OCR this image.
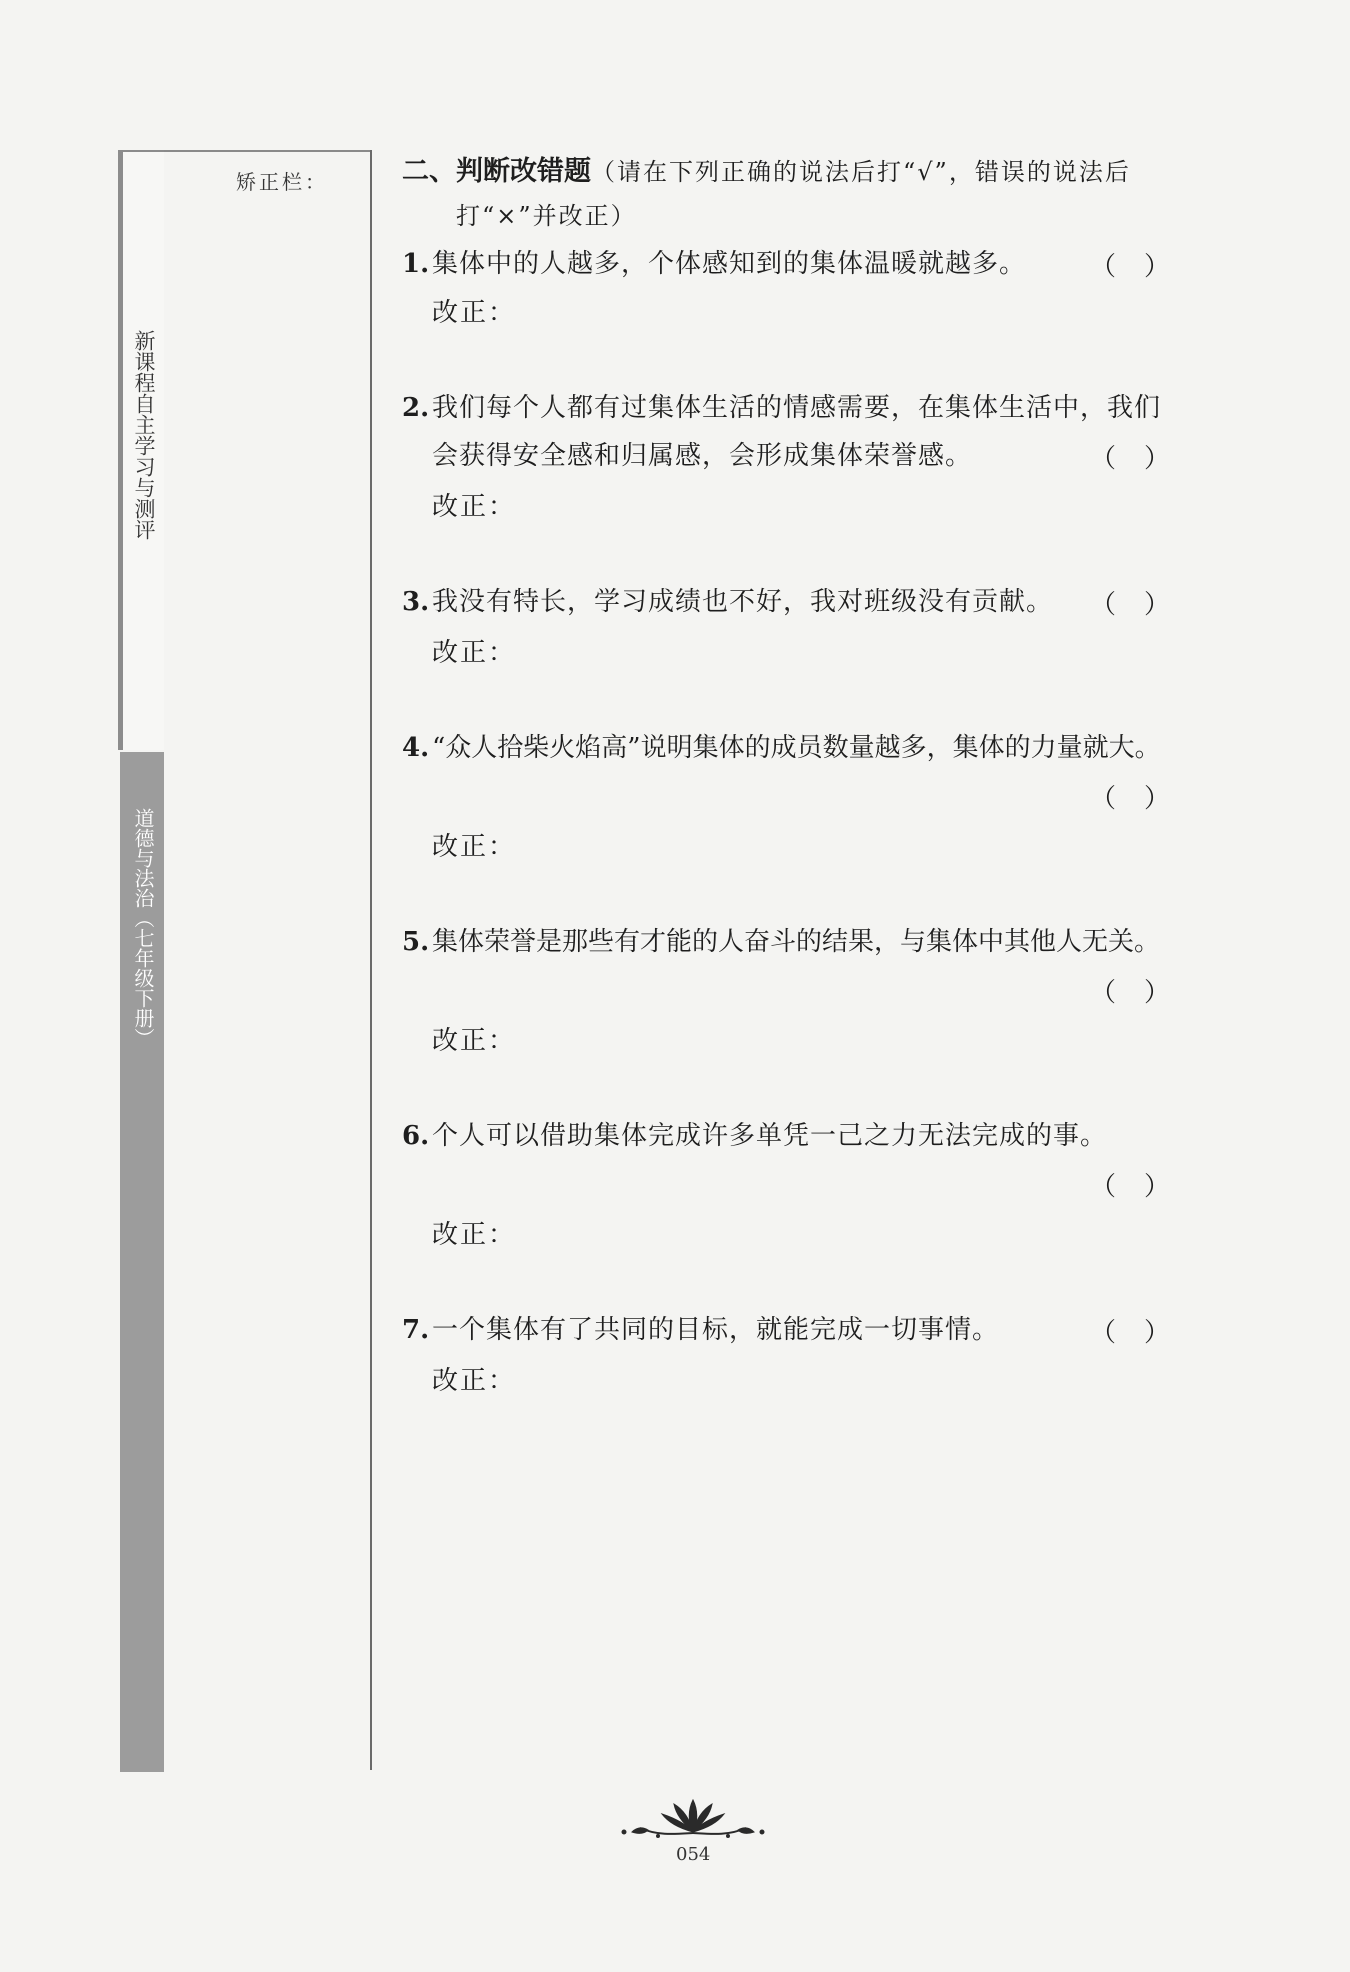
新课程自主学习与测评
道德与法治（七年级下册）
矫正栏：	二、判断改错题（请在下列正确的说法后打“√”，错误的说法后
打“×”并改正）
1. 集体中的人越多，个体感知到的集体温暖就越多。	（ ）
改正：
2. 我们每个人都有过集体生活的情感需要，在集体生活中，我们
会获得安全感和归属感，会形成集体荣誉感。	（ ）
改正：
3. 我没有特长，学习成绩也不好，我对班级没有贡献。	（ ）
改正：
4. “众人拾柴火焰高”说明集体的成员数量越多，集体的力量就大。
（ ）
改正：
5. 集体荣誉是那些有才能的人奋斗的结果，与集体中其他人无关。
（ ）
改正：
6. 个人可以借助集体完成许多单凭一己之力无法完成的事。
（ ）
改正：
7. 一个集体有了共同的目标，就能完成一切事情。	（ ）
改正：
054
